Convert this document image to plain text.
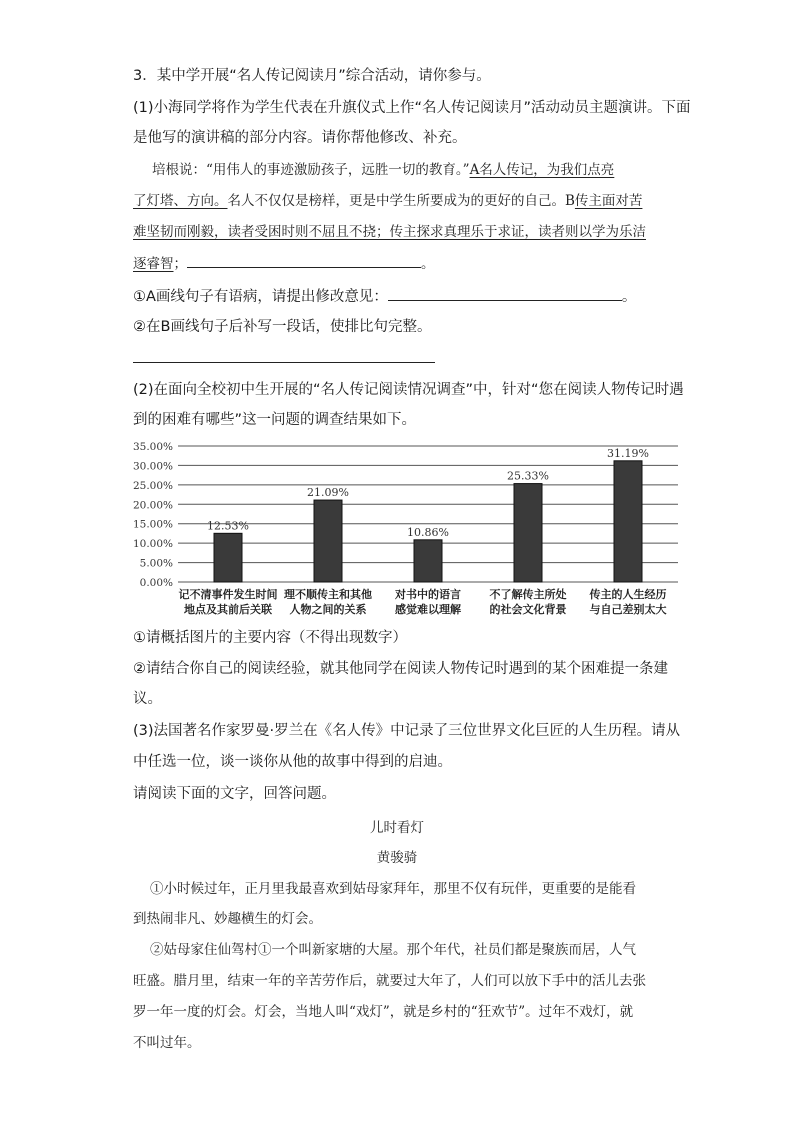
3．某中学开展“名人传记阅读月”综合活动，请你参与。
(1)小海同学将作为学生代表在升旗仪式上作“名人传记阅读月”活动动员主题演讲。下面
是他写的演讲稿的部分内容。请你帮他修改、补充。
培根说：“用伟人的事迹激励孩子，远胜一切的教育。”A名人传记，为我们点亮
了灯塔、方向。名人不仅仅是榜样，更是中学生所要成为的更好的自己。B传主面对苦
难坚韧而刚毅，读者受困时则不屈且不挠；传主探求真理乐于求证，读者则以学为乐洁
逐睿智；	。
①A画线句子有语病，请提出修改意见：	。
②在B画线句子后补写一段话，使排比句完整。
(2)在面向全校初中生开展的“名人传记阅读情况调查”中，针对“您在阅读人物传记时遇
到的困难有哪些”这一问题的调查结果如下。
0.00%
5.00%
10.00%
15.00%
20.00%
25.00%
30.00%
35.00%
12.53%
记不清事件发生时间
地点及其前后关联
21.09%
理不顺传主和其他
人物之间的关系
10.86%
对书中的语言
感觉难以理解
25.33%
不了解传主所处
的社会文化背景
31.19%
传主的人生经历
与自己差别太大
①请概括图片的主要内容（不得出现数字）
②请结合你自己的阅读经验，就其他同学在阅读人物传记时遇到的某个困难提一条建
议。
(3)法国著名作家罗曼·罗兰在《名人传》中记录了三位世界文化巨匠的人生历程。请从
中任选一位，谈一谈你从他的故事中得到的启迪。
请阅读下面的文字，回答问题。
儿时看灯
黄骏骑
①小时候过年，正月里我最喜欢到姑母家拜年，那里不仅有玩伴，更重要的是能看
到热闹非凡、妙趣横生的灯会。
②姑母家住仙驾村①一个叫新家塘的大屋。那个年代，社员们都是聚族而居，人气
旺盛。腊月里，结束一年的辛苦劳作后，就要过大年了，人们可以放下手中的活儿去张
罗一年一度的灯会。灯会，当地人叫“戏灯”，就是乡村的“狂欢节”。过年不戏灯，就
不叫过年。
